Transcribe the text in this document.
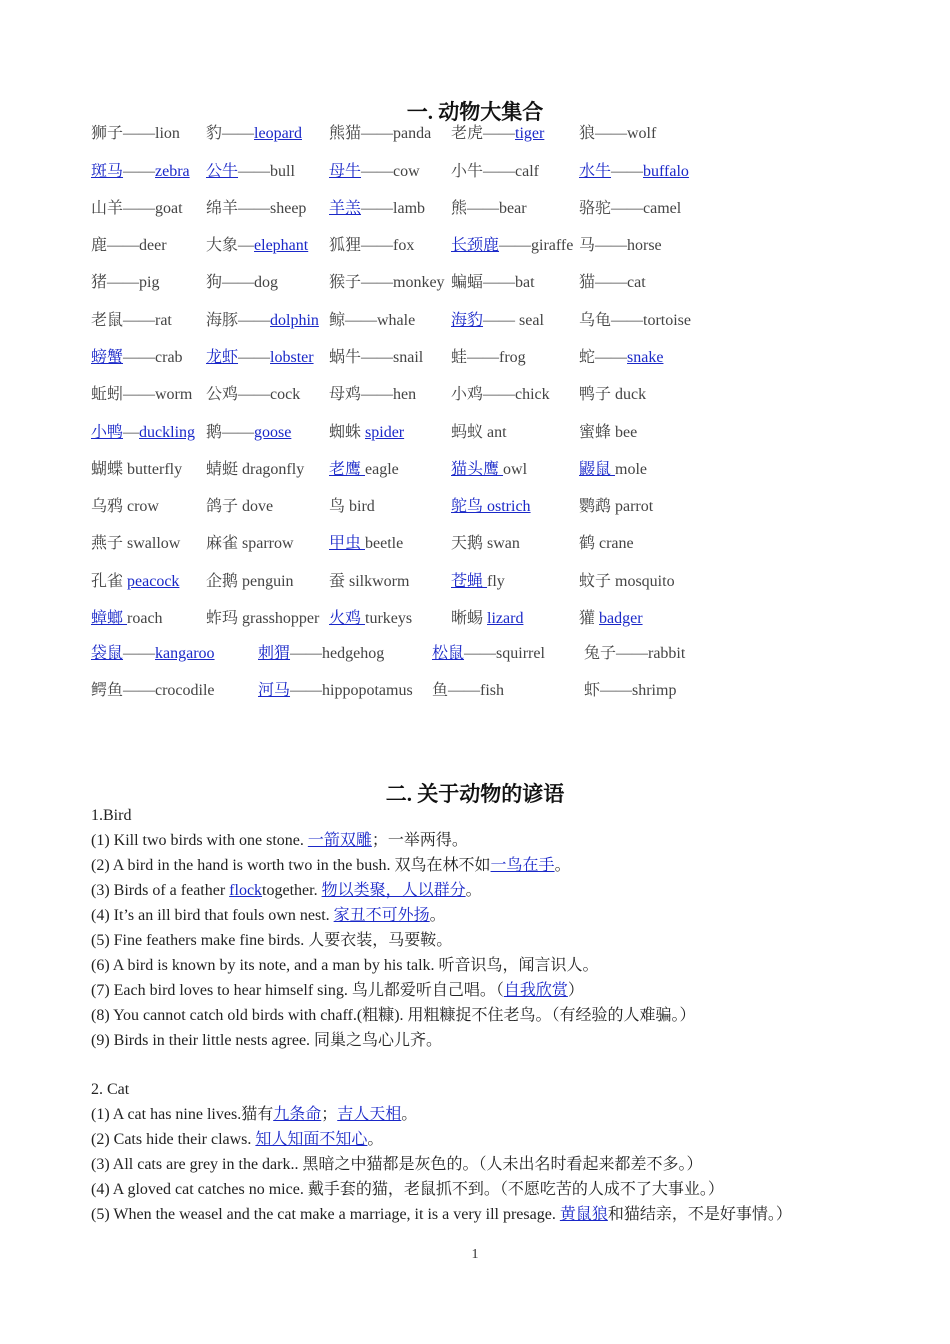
一. 动物大集合
狮子——lion 豹——leopard 熊猫——panda 老虎——tiger 狼——wolf
斑马——zebra 公牛——bull 母牛——cow 小牛——calf	水牛——buffalo
山羊——goat 绵羊——sheep 羊羔——lamb 熊——bear	骆驼——camel
鹿——deer 大象—elephant 狐狸——fox 长颈鹿——giraffe 马——horse
猪——pig	狗——dog	猴子——monkey 蝙蝠——bat	猫——cat
老鼠——rat 海豚——dolphin 鲸——whale 海豹—— seal 乌龟——tortoise
螃蟹——crab 龙虾——lobster 蜗牛——snail 蛙——frog	蛇——snake
蚯蚓——worm 公鸡——cock 母鸡——hen 小鸡——chick 鸭子 duck
小鸭—duckling 鹅——goose 蜘蛛 spider	蚂蚁 ant	蜜蜂 bee
蝴蝶 butterfly 蜻蜓 dragonfly 老鹰 eagle	猫头鹰 owl	鼹鼠 mole
乌鸦 crow	鸽子 dove	鸟 bird	鸵鸟 ostrich	鹦鹉 parrot
燕子 swallow 麻雀 sparrow 甲虫 beetle	天鹅 swan	鹤 crane
孔雀 peacock 企鹅 penguin 蚕 silkworm	苍蝇 fly	蚊子 mosquito
蟑螂 roach	蚱玛 grasshopper 火鸡 turkeys 晰蜴 lizard	獾 badger
袋鼠——kangaroo	刺猬——hedgehog	松鼠——squirrel 兔子——rabbit
鳄鱼——crocodile	河马——hippopotamus 鱼——fish	虾——shrimp
二. 关于动物的谚语
1.Bird
(1) Kill two birds with one stone. 一箭双雕；一举两得。
(2) A bird in the hand is worth two in the bush. 双鸟在林不如一鸟在手。
(3) Birds of a feather flocktogether. 物以类聚，人以群分。
(4) It’s an ill bird that fouls own nest. 家丑不可外扬。
(5) Fine feathers make fine birds. 人要衣装，马要鞍。
(6) A bird is known by its note, and a man by his talk. 听音识鸟，闻言识人。
(7) Each bird loves to hear himself sing. 鸟儿都爱听自己唱。（自我欣赏）
(8) You cannot catch old birds with chaff.(粗糠). 用粗糠捉不住老鸟。（有经验的人难骗。）
(9) Birds in their little nests agree. 同巢之鸟心儿齐。
2. Cat
(1) A cat has nine lives.猫有九条命；吉人天相。
(2) Cats hide their claws. 知人知面不知心。
(3) All cats are grey in the dark.. 黑暗之中猫都是灰色的。（人未出名时看起来都差不多。）
(4) A gloved cat catches no mice. 戴手套的猫，老鼠抓不到。（不愿吃苦的人成不了大事业。）
(5) When the weasel and the cat make a marriage, it is a very ill presage. 黄鼠狼和猫结亲，不是好事情。）
1
